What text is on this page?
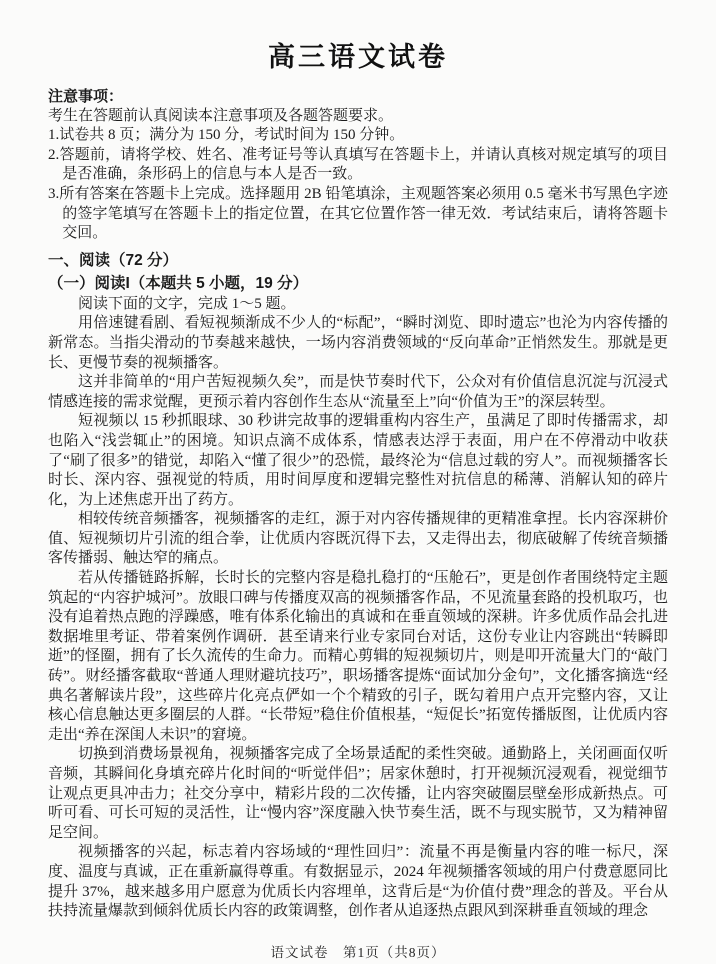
高三语文试卷
注意事项：
考生在答题前认真阅读本注意事项及各题答题要求。
1.试卷共 8 页；满分为 150 分，考试时间为 150 分钟。
2.答题前，请将学校、姓名、准考证号等认真填写在答题卡上，并请认真核对规定填写的项目是否准确，条形码上的信息与本人是否一致。
3.所有答案在答题卡上完成。选择题用 2B 铅笔填涂，主观题答案必须用 0.5 毫米书写黑色字迹的签字笔填写在答题卡上的指定位置，在其它位置作答一律无效．考试结束后，请将答题卡交回。
一、阅读（72 分）
（一）阅读I（本题共 5 小题，19 分）

阅读下面的文字，完成 1～5 题。

用倍速键看剧、看短视频渐成不少人的“标配”，“瞬时浏览、即时遗忘”也沦为内容传播的新常态。当指尖滑动的节奏越来越快，一场内容消费领域的“反向革命”正悄然发生。那就是更长、更慢节奏的视频播客。

这并非简单的“用户苦短视频久矣”，而是快节奏时代下，公众对有价值信息沉淀与沉浸式情感连接的需求觉醒，更预示着内容创作生态从“流量至上”向“价值为王”的深层转型。

短视频以 15 秒抓眼球、30 秒讲完故事的逻辑重构内容生产，虽满足了即时传播需求，却也陷入“浅尝辄止”的困境。知识点滴不成体系，情感表达浮于表面，用户在不停滑动中收获了“刷了很多”的错觉，却陷入“懂了很少”的恐慌，最终沦为“信息过载的穷人”。而视频播客长时长、深内容、强视觉的特质，用时间厚度和逻辑完整性对抗信息的稀薄、消解认知的碎片化，为上述焦虑开出了药方。

相较传统音频播客，视频播客的走红，源于对内容传播规律的更精准拿捏。长内容深耕价值、短视频切片引流的组合拳，让优质内容既沉得下去，又走得出去，彻底破解了传统音频播客传播弱、触达窄的痛点。

若从传播链路拆解，长时长的完整内容是稳扎稳打的“压舱石”，更是创作者围绕特定主题筑起的“内容护城河”。放眼口碑与传播度双高的视频播客作品，不见流量套路的投机取巧，也没有追着热点跑的浮躁感，唯有体系化输出的真诚和在垂直领域的深耕。许多优质作品会扎进数据堆里考证、带着案例作调研．甚至请来行业专家同台对话，这份专业让内容跳出“转瞬即逝”的怪圈，拥有了长久流传的生命力。而精心剪辑的短视频切片，则是叩开流量大门的“敲门砖”。财经播客截取“普通人理财避坑技巧”，职场播客提炼“面试加分金句”，文化播客摘选“经典名著解读片段”，这些碎片化亮点俨如一个个精致的引子，既勾着用户点开完整内容，又让核心信息触达更多圈层的人群。“长带短”稳住价值根基，“短促长”拓宽传播版图，让优质内容走出“养在深闺人未识”的窘境。

切换到消费场景视角，视频播客完成了全场景适配的柔性突破。通勤路上，关闭画面仅听音频，其瞬间化身填充碎片化时间的“听觉伴侣”；居家休憩时，打开视频沉浸观看，视觉细节让观点更具冲击力；社交分享中，精彩片段的二次传播，让内容突破圈层壁垒形成新热点。可听可看、可长可短的灵活性，让“慢内容”深度融入快节奏生活，既不与现实脱节，又为精神留足空间。

视频播客的兴起，标志着内容场域的“理性回归”：流量不再是衡量内容的唯一标尺，深度、温度与真诚，正在重新赢得尊重。有数据显示，2024 年视频播客领域的用户付费意愿同比提升 37%，越来越多用户愿意为优质长内容埋单，这背后是“为价值付费”理念的普及。平台从扶持流量爆款到倾斜优质长内容的政策调整，创作者从追逐热点跟风到深耕垂直领域的理念

语文试卷　第1页（共8页）
